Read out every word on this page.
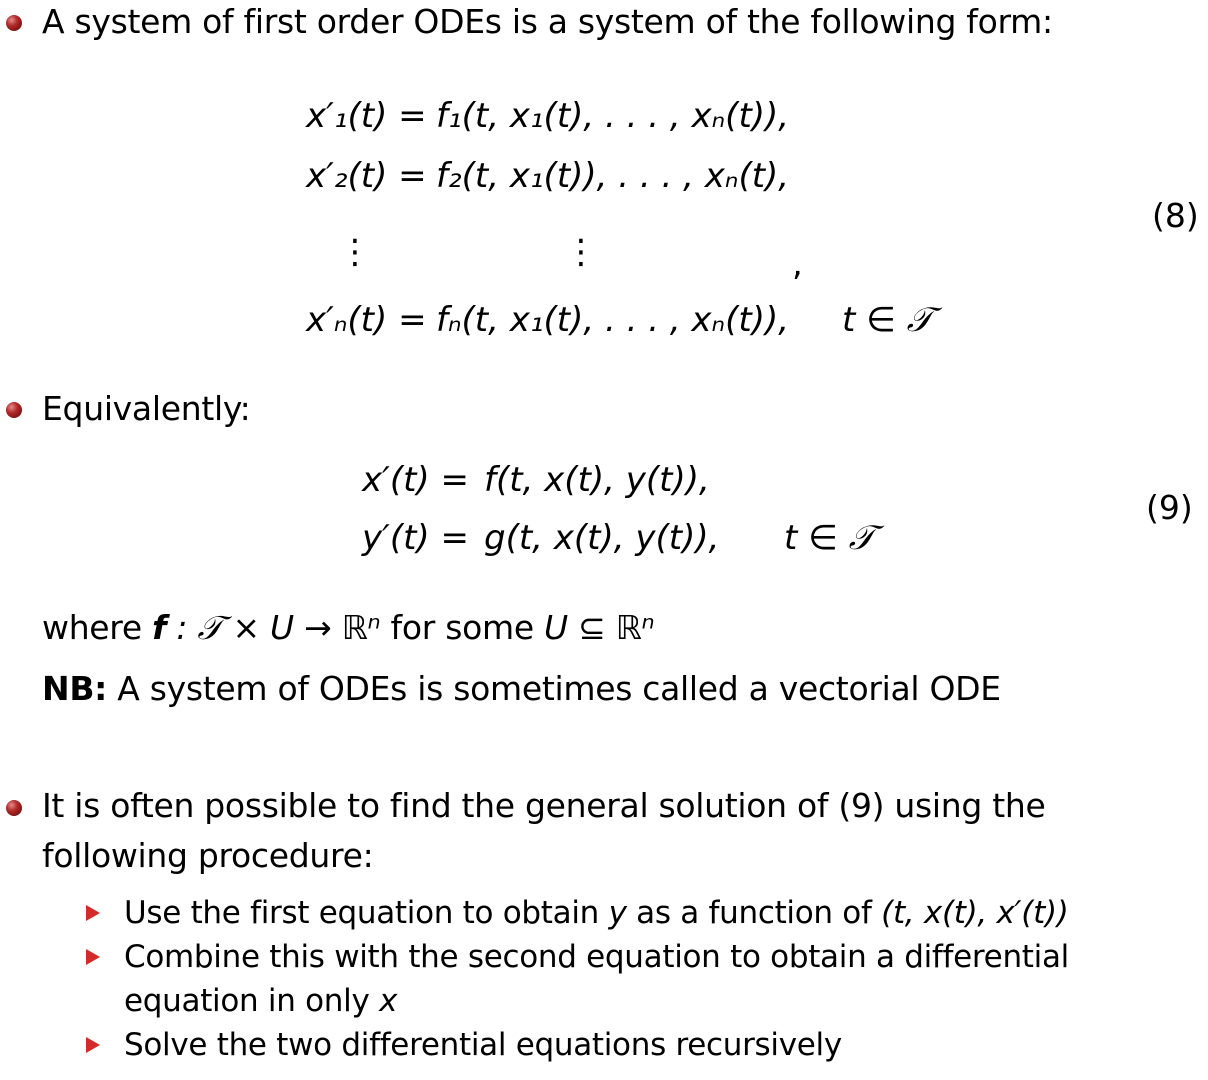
A system of first order ODEs is a system of the following form:
x′₁(t) = f₁(t, x₁(t), . . . , xₙ(t)),
x′₂(t) = f₂(t, x₁(t)), . . . , xₙ(t),
⋮	⋮	,
x′ₙ(t) = fₙ(t, x₁(t), . . . , xₙ(t)), t ∈ 𝒯
(8)
Equivalently:
x′(t) = f(t, x(t), y(t)),
y′(t) = g(t, x(t), y(t)), t ∈ 𝒯
(9)
where f : 𝒯 × U → ℝⁿ for some U ⊆ ℝⁿ
NB: A system of ODEs is sometimes called a vectorial ODE
It is often possible to find the general solution of (9) using the
following procedure:
Use the first equation to obtain y as a function of (t, x(t), x′(t))
Combine this with the second equation to obtain a differential
equation in only x
Solve the two differential equations recursively
